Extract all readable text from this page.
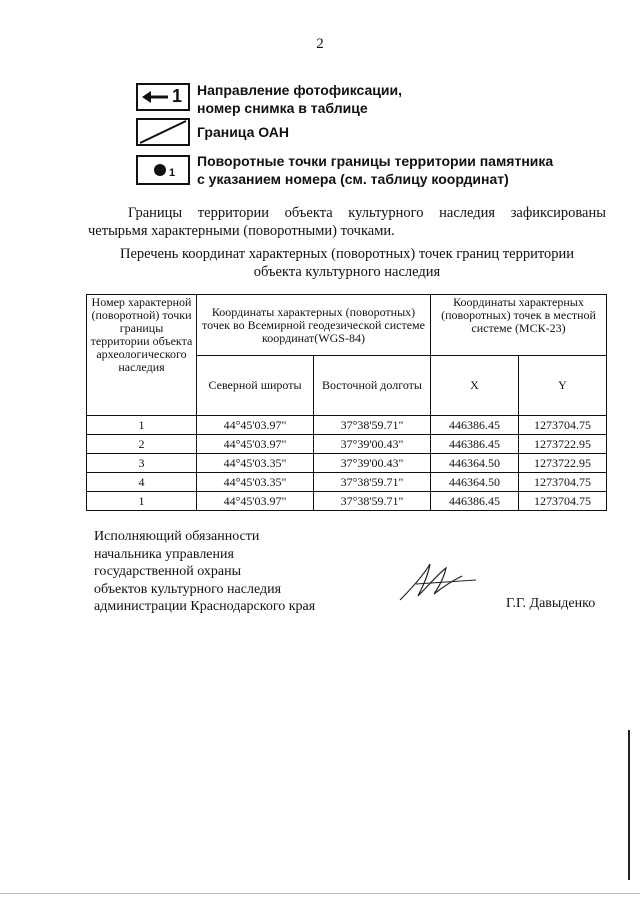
2
1 Направление фотофиксации,
номер снимка в таблице
Граница ОАН
1
Поворотные точки границы территории памятника
с указанием номера (см. таблицу координат)
Границы территории объекта культурного наследия зафиксированы четырьмя характерными (поворотными) точками.
Перечень координат характерных (поворотных) точек границ территории
объекта культурного наследия
Номер характерной (поворотной) точки границы территории объекта археологического наследия	Координаты характерных (поворотных) точек во Всемирной геодезической системе координат(WGS-84)		Координаты характерных (поворотных) точек в местной системе (МСК-23)	
	Северной широты	Восточной долготы	X	Y
1	44°45'03.97"	37°38'59.71"	446386.45	1273704.75
2	44°45'03.97"	37°39'00.43"	446386.45	1273722.95
3	44°45'03.35"	37°39'00.43"	446364.50	1273722.95
4	44°45'03.35"	37°38'59.71"	446364.50	1273704.75
1	44°45'03.97"	37°38'59.71"	446386.45	1273704.75
Исполняющий обязанности
начальника управления
государственной охраны
объектов культурного наследия
администрации Краснодарского края	Г.Г. Давыденко
